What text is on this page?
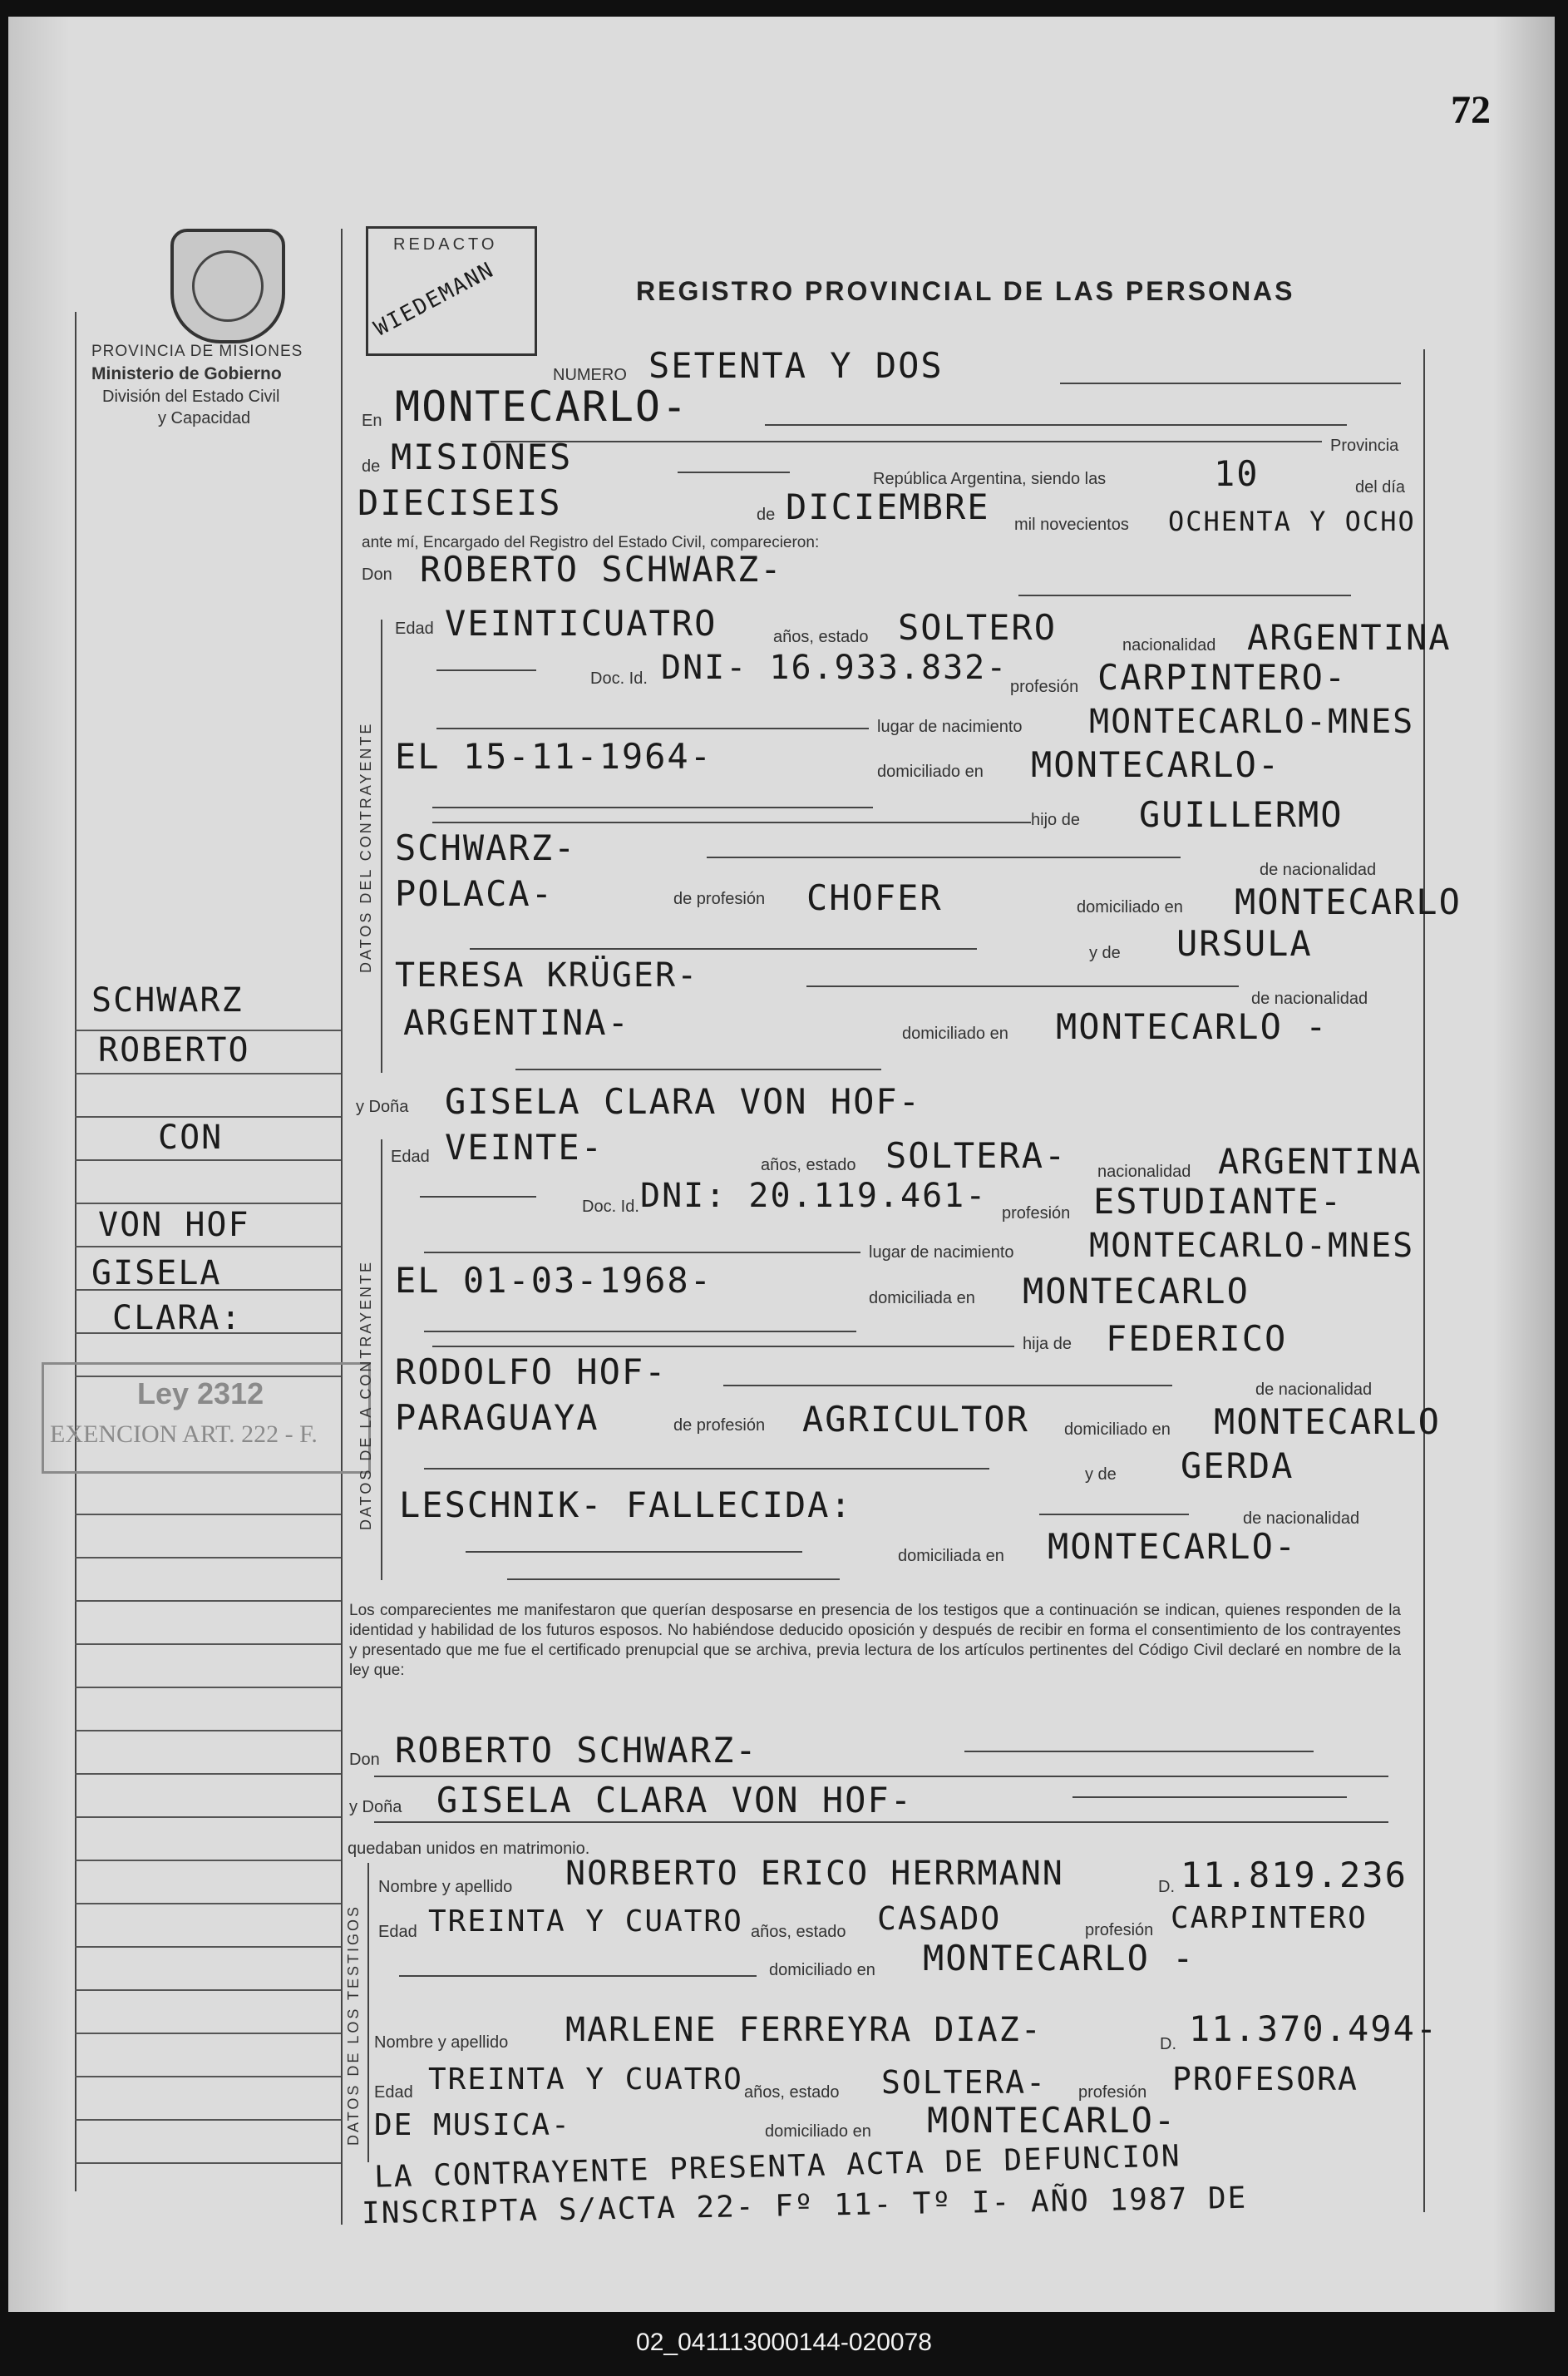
72
PROVINCIA DE MISIONES
Ministerio de Gobierno
División del Estado Civil
y Capacidad
REDACTO
WIEDEMANN	REGISTRO PROVINCIAL DE LAS PERSONAS
SCHWARZ
ROBERTO
CON
VON HOF
GISELA
CLARA:
Ley 2312
EXENCION ART. 222 - F.
NUMERO SETENTA Y DOS
En MONTECARLO-
Provincia
de MISIONES
República Argentina, siendo las	10	del día
DIECISEIS	de DICIEMBRE mil novecientos OCHENTA Y OCHO
ante mí, Encargado del Registro del Estado Civil, comparecieron:
Don ROBERTO SCHWARZ-
DATOS DEL CONTRAYENTE
Edad VEINTICUATRO	años, estado SOLTERO	nacionalidad ARGENTINA
Doc. Id. DNI- 16.933.832- profesión CARPINTERO-
lugar de nacimiento MONTECARLO-MNES
EL 15-11-1964-	domiciliado en MONTECARLO-
hijo de GUILLERMO
SCHWARZ-
de nacionalidad
POLACA-	de profesión CHOFER	domiciliado en MONTECARLO
y de URSULA
TERESA KRÜGER-
de nacionalidad
ARGENTINA-	domiciliado en MONTECARLO -
y Doña GISELA CLARA VON HOF-
DATOS DE LA CONTRAYENTE
Edad VEINTE-	años, estado SOLTERA- nacionalidad ARGENTINA
Doc. Id. DNI: 20.119.461- profesión ESTUDIANTE-
lugar de nacimiento MONTECARLO-MNES
EL 01-03-1968-	domiciliada en MONTECARLO
hija de FEDERICO
RODOLFO HOF-	de nacionalidad
PARAGUAYA	de profesión AGRICULTOR domiciliado en MONTECARLO
y de GERDA
LESCHNIK- FALLECIDA:	de nacionalidad
domiciliada en MONTECARLO-
Los comparecientes me manifestaron que querían desposarse en presencia de los testigos que a continuación se indican, quienes responden de la identidad y habilidad de los futuros esposos. No habiéndose deducido oposición y después de recibir en forma el consentimiento de los contrayentes y presentado que me fue el certificado prenupcial que se archiva, previa lectura de los artículos pertinentes del Código Civil declaré en nombre de la ley que:
Don ROBERTO SCHWARZ-
y Doña GISELA CLARA VON HOF-
quedaban unidos en matrimonio.
DATOS DE LOS TESTIGOS
Nombre y apellido NORBERTO ERICO HERRMANN	D. 11.819.236
Edad TREINTA Y CUATRO años, estado CASADO	profesión CARPINTERO
domiciliado en MONTECARLO -
Nombre y apellido MARLENE FERREYRA DIAZ-	D. 11.370.494-
Edad TREINTA Y CUATRO años, estado SOLTERA- profesión PROFESORA
DE MUSICA-	domiciliado en MONTECARLO-
LA CONTRAYENTE PRESENTA ACTA DE DEFUNCION
INSCRIPTA S/ACTA 22- Fº 11- Tº I- AÑO 1987 DE
02_041113000144-020078
